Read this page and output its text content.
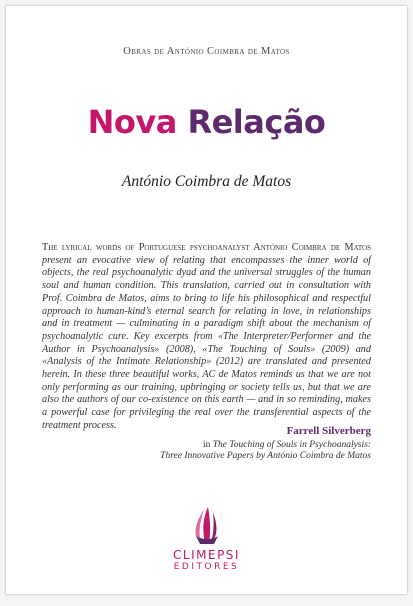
Obras de António Coimbra de Matos
Nova Relação
António Coimbra de Matos

The lyrical words of Portuguese psychoanalyst António Coimbra de Matos present an evocative view of relating that encompasses the inner world of objects, the real psychoanalytic dyad and the universal struggles of the human soul and human condition. This translation, carried out in consultation with Prof. Coimbra de Matos, aims to bring to life his philosophical and respectful approach to human-kind’s eternal search for relating in love, in relationships and in treatment — culminating in a paradigm shift about the mechanism of psychoanalytic cure. Key excerpts from «The Interpreter/Performer and the Author in Psychoanalysis» (2008), «The Touching of Souls» (2009) and «Analysis of the Intimate Relationship» (2012) are translated and presented herein. In these three beautiful works, AC de Matos reminds us that we are not only performing as our training, upbringing or society tells us, but that we are also the authors of our co-existence on this earth — and in so reminding, makes a powerful case for privileging the real over the transferential aspects of the treatment process.	Farrell Silverberg
in The Touching of Souls in Psychoanalysis:
Three Innovative Papers by António Coimbra de Matos
CLIMEPSI
EDITORES
